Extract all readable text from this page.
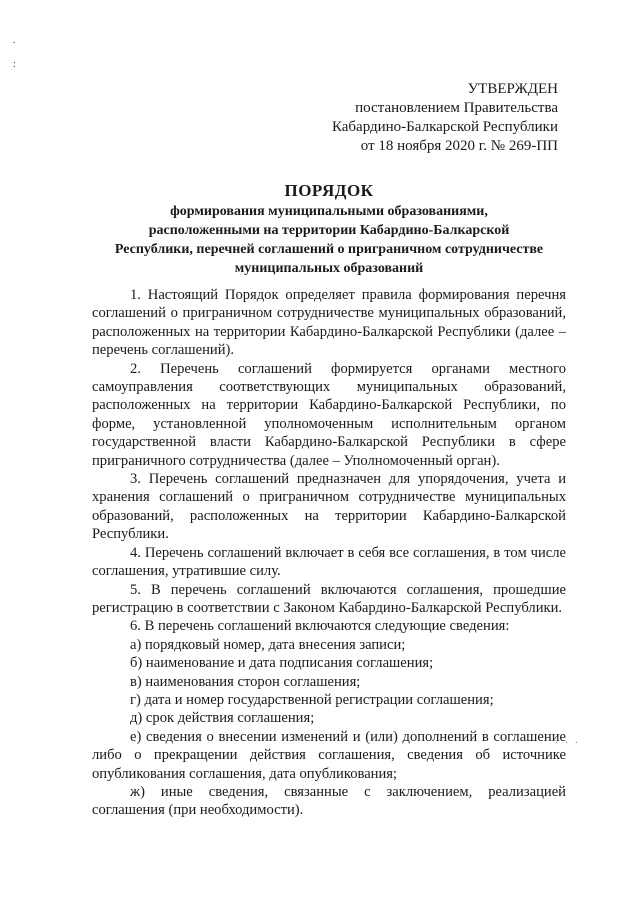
.
:
УТВЕРЖДЕН
постановлением Правительства
Кабардино-Балкарской Республики
от 18 ноября 2020 г. № 269-ПП
ПОРЯДОК
формирования муниципальными образованиями,
расположенными на территории Кабардино-Балкарской
Республики, перечней соглашений о приграничном сотрудничестве
муниципальных образований

1. Настоящий Порядок определяет правила формирования перечня соглашений о приграничном сотрудничестве муниципальных образований, расположенных на территории Кабардино-Балкарской Республики (далее – перечень соглашений).

2. Перечень соглашений формируется органами местного самоуправления соответствующих муниципальных образований, расположенных на территории Кабардино-Балкарской Республики, по форме, установленной уполномоченным исполнительным органом государственной власти Кабардино-Балкарской Республики в сфере приграничного сотрудничества (далее – Уполномоченный орган).

3. Перечень соглашений предназначен для упорядочения, учета и хранения соглашений о приграничном сотрудничестве муниципальных образований, расположенных на территории Кабардино-Балкарской Республики.

4. Перечень соглашений включает в себя все соглашения, в том числе соглашения, утратившие силу.

5. В перечень соглашений включаются соглашения, прошедшие регистрацию в соответствии с Законом Кабардино-Балкарской Республики.

6. В перечень соглашений включаются следующие сведения:

а) порядковый номер, дата внесения записи;

б) наименование и дата подписания соглашения;

в) наименования сторон соглашения;

г) дата и номер государственной регистрации соглашения;

д) срок действия соглашения;

е) сведения о внесении изменений и (или) дополнений в соглашение либо о прекращении действия соглашения, сведения об источнике опубликования соглашения, дата опубликования;

ж) иные сведения, связанные с заключением, реализацией соглашения (при необходимости).

· · ·
